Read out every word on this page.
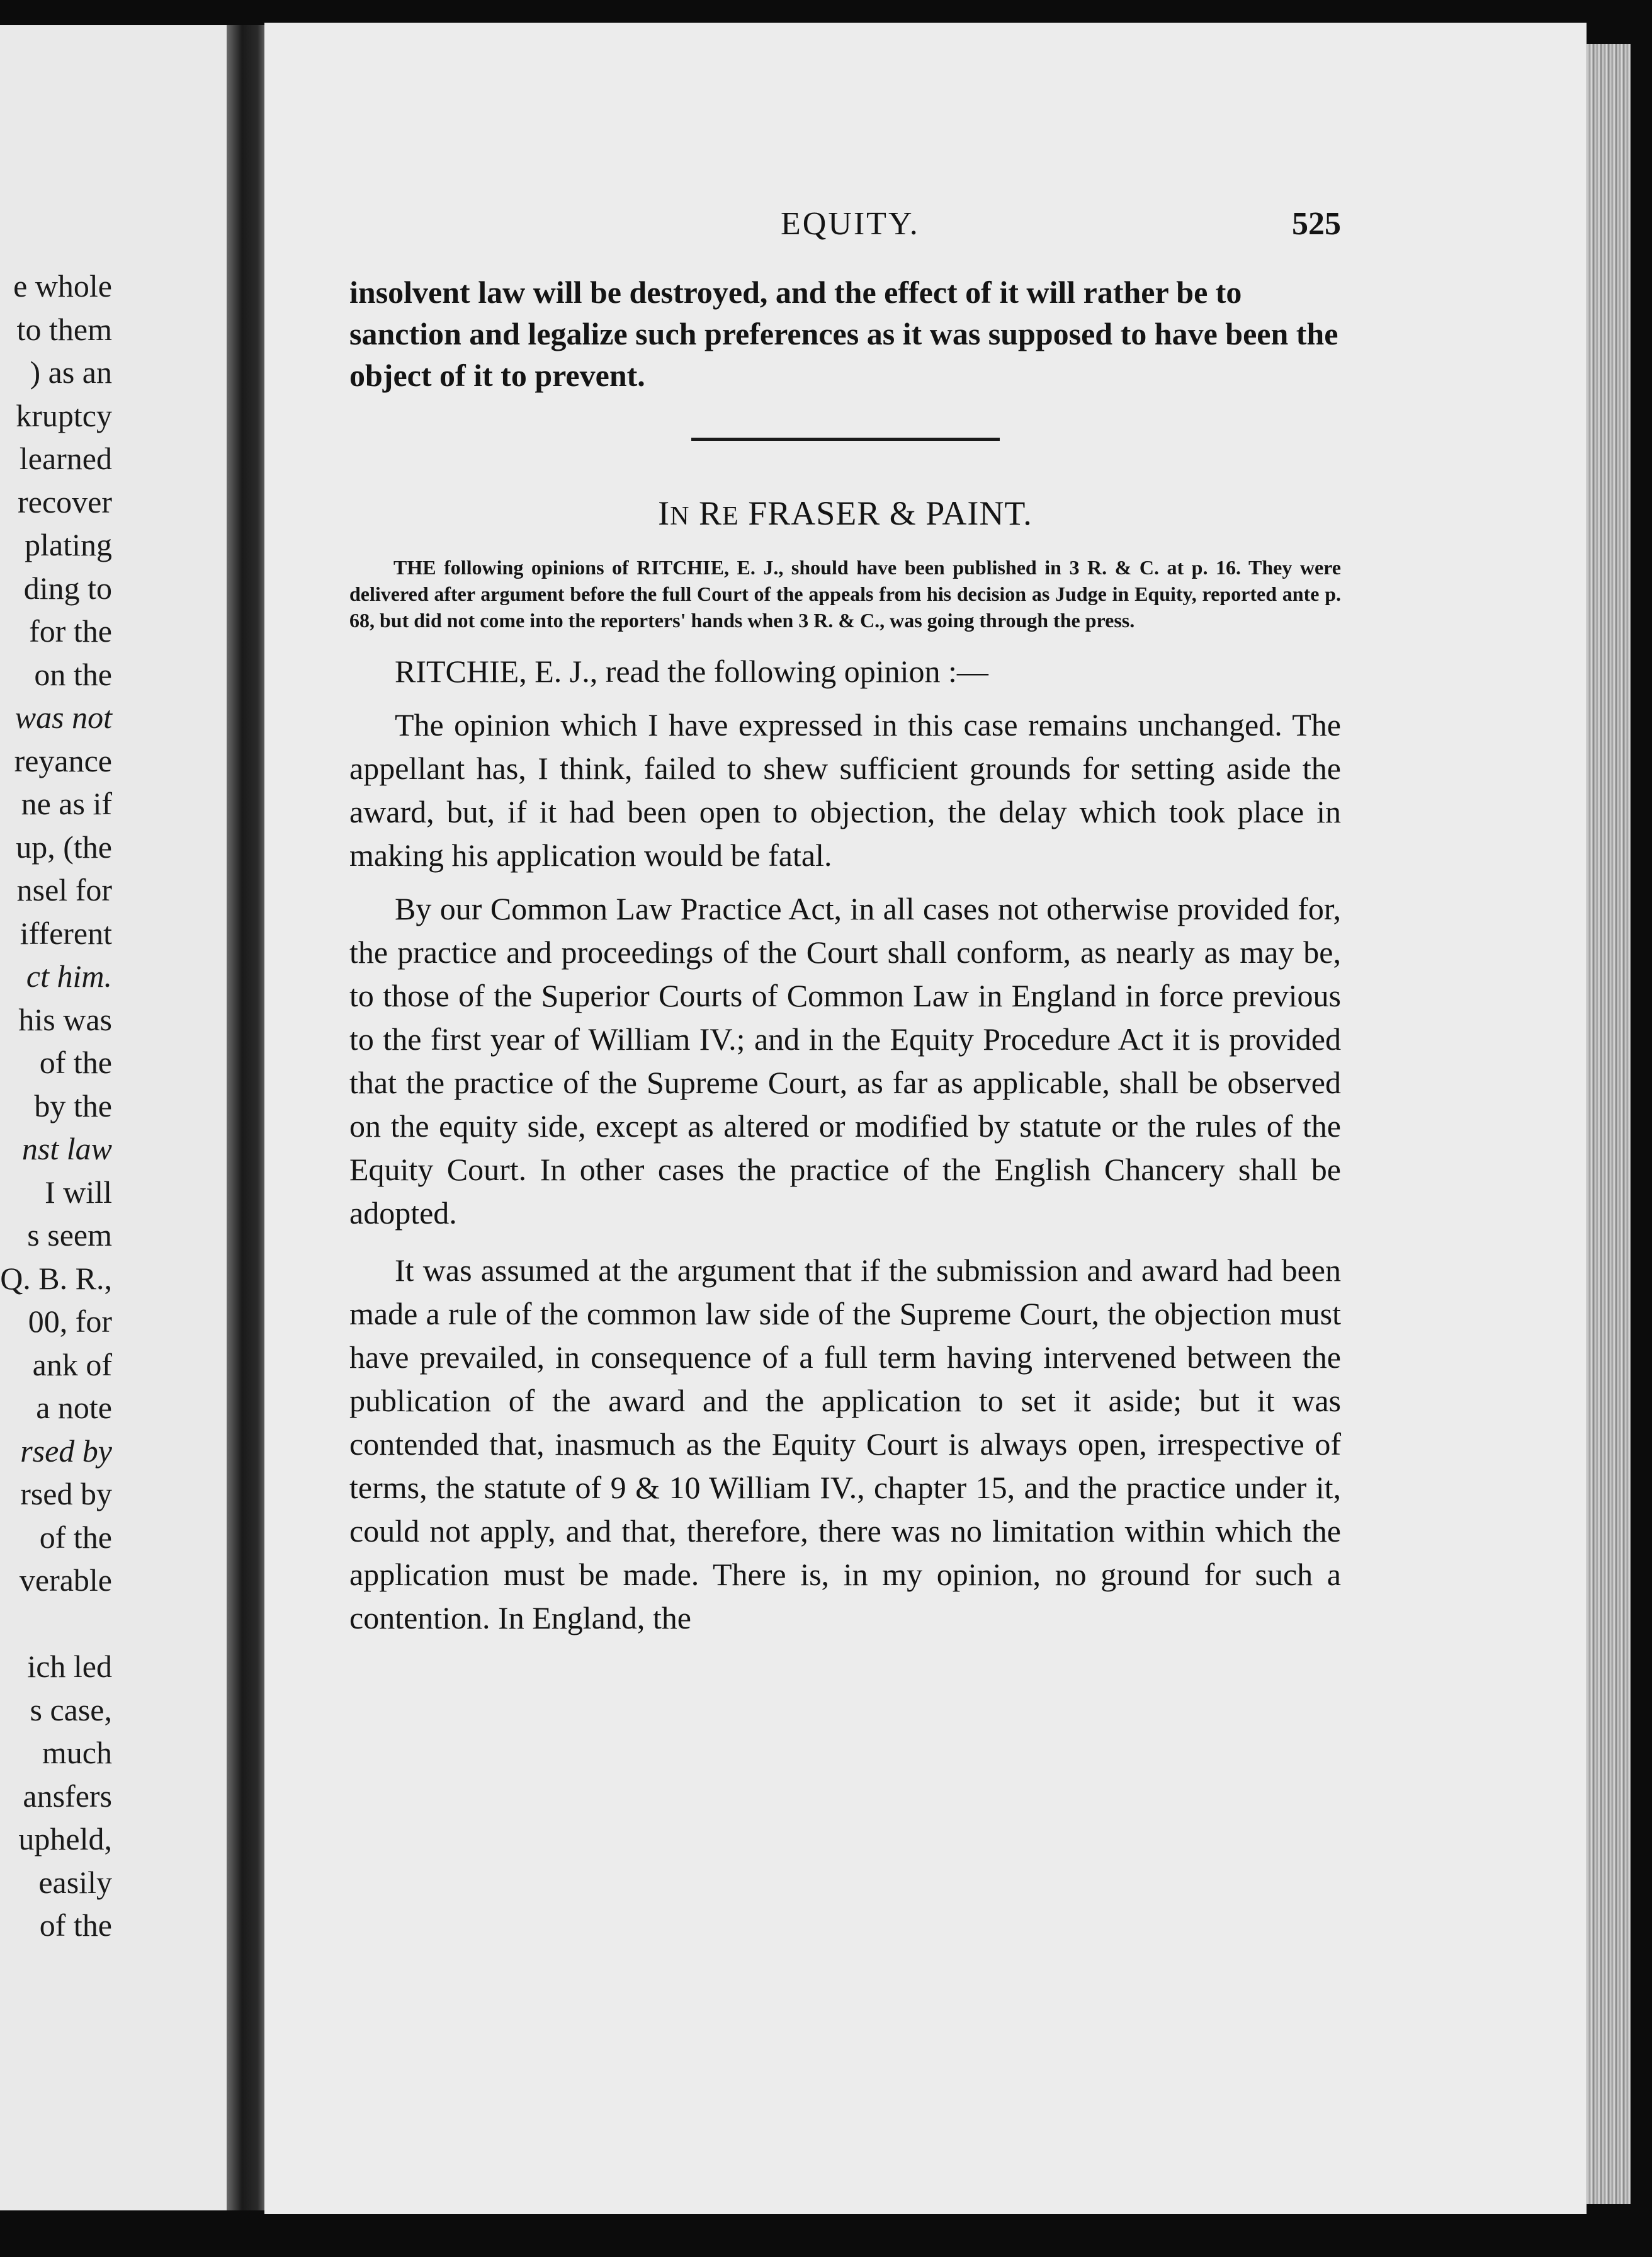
e whole
to them
) as an
kruptcy
learned
recover
plating
ding to
for the
on the
was not
reyance
ne as if
up, (the
nsel for
ifferent
ct him.
his was
of the
by the
nst law
I will
s seem
Q. B. R.,
00, for
ank of
a note
rsed by
rsed by
of the
verable
ich led
s case,
much
ansfers
upheld,
easily
of the
EQUITY.	525

insolvent law will be destroyed, and the effect of it will rather be to sanction and legalize such preferences as it was supposed to have been the object of it to prevent.

IN RE FRASER & PAINT.

THE following opinions of RITCHIE, E. J., should have been published in 3 R. & C. at p. 16. They were delivered after argument before the full Court of the appeals from his decision as Judge in Equity, reported ante p. 68, but did not come into the reporters' hands when 3 R. & C., was going through the press.

RITCHIE, E. J., read the following opinion :—

The opinion which I have expressed in this case remains unchanged. The appellant has, I think, failed to shew sufficient grounds for setting aside the award, but, if it had been open to objection, the delay which took place in making his application would be fatal.

By our Common Law Practice Act, in all cases not otherwise provided for, the practice and proceedings of the Court shall conform, as nearly as may be, to those of the Superior Courts of Common Law in England in force previous to the first year of William IV.; and in the Equity Procedure Act it is provided that the practice of the Supreme Court, as far as applicable, shall be observed on the equity side, except as altered or modified by statute or the rules of the Equity Court. In other cases the practice of the English Chancery shall be adopted.

It was assumed at the argument that if the submission and award had been made a rule of the common law side of the Supreme Court, the objection must have prevailed, in consequence of a full term having intervened between the publication of the award and the application to set it aside; but it was contended that, inasmuch as the Equity Court is always open, irrespective of terms, the statute of 9 & 10 William IV., chapter 15, and the practice under it, could not apply, and that, therefore, there was no limitation within which the application must be made. There is, in my opinion, no ground for such a contention. In England, the
